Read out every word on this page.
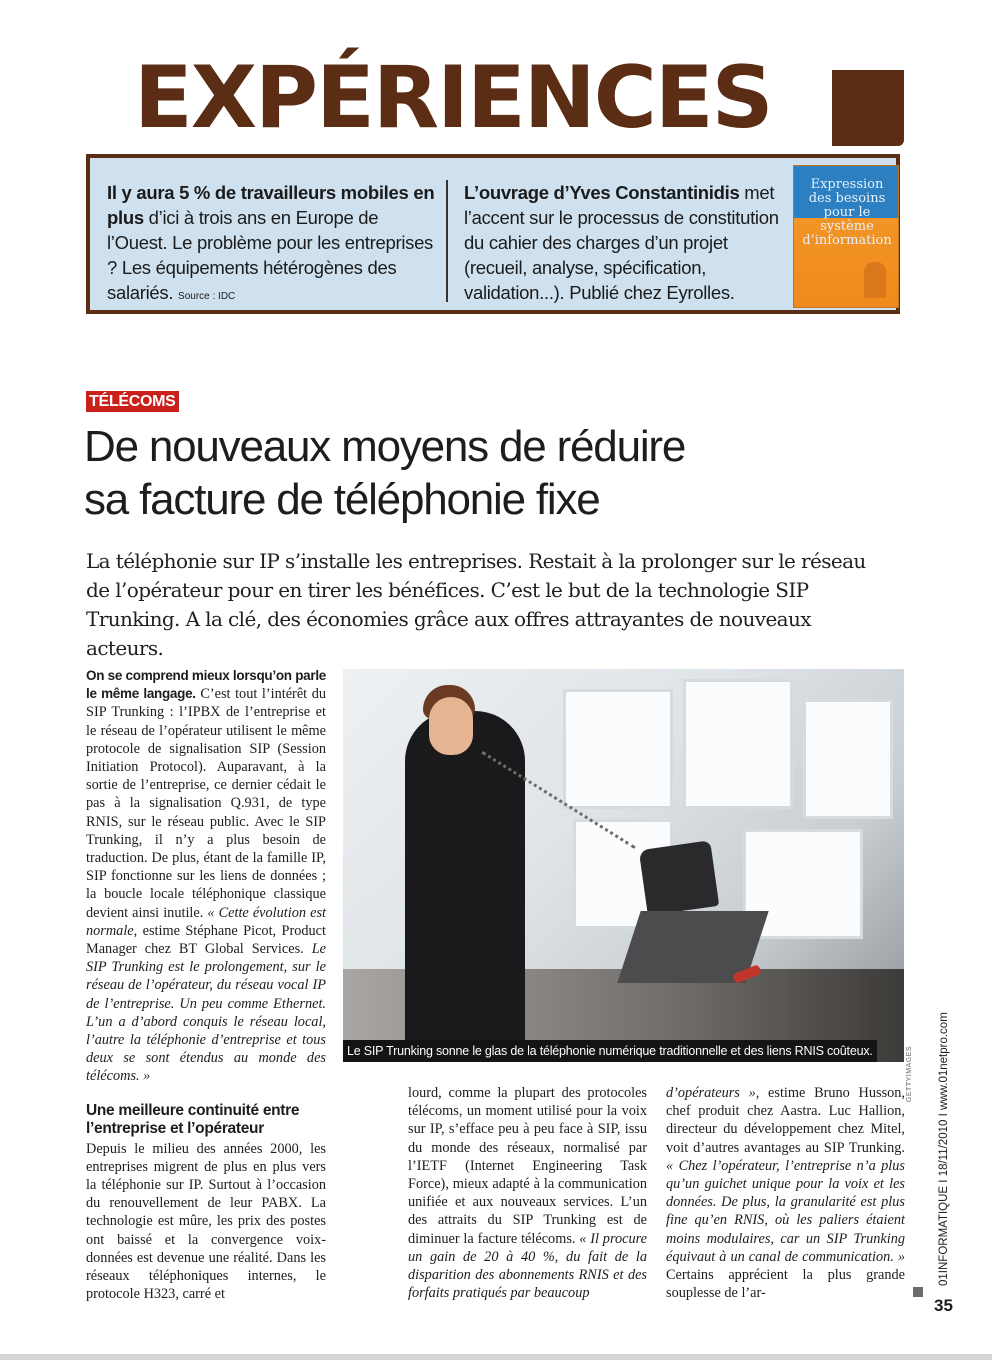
EXPÉRIENCES
Il y aura 5 % de travailleurs mobiles en plus d’ici à trois ans en Europe de l’Ouest. Le problème pour les entreprises ? Les équipements hétérogènes des salariés. Source : IDC
L’ouvrage d’Yves Constantinidis met l’accent sur le processus de constitution du cahier des charges d’un projet (recueil, analyse, spécification, validation...). Publié chez Eyrolles.
Expression des besoins pour le système d’information
TÉLÉCOMS
De nouveaux moyens de réduire
sa facture de téléphonie fixe
La téléphonie sur IP s’installe les entreprises. Restait à la prolonger sur le réseau de l’opérateur pour en tirer les bénéfices. C’est le but de la technologie SIP Trunking. A la clé, des économies grâce aux offres attrayantes de nouveaux acteurs.

On se comprend mieux lorsqu’on parle le même langage. C’est tout l’intérêt du SIP Trunking : l’IPBX de l’entreprise et le réseau de l’opérateur utilisent le même protocole de signalisation SIP (Session Initiation Protocol). Auparavant, à la sortie de l’entreprise, ce dernier cédait le pas à la signalisation Q.931, de type RNIS, sur le réseau public. Avec le SIP Trunking, il n’y a plus besoin de traduction. De plus, étant de la famille IP, SIP fonctionne sur les liens de données ; la boucle locale téléphonique classique devient ainsi inutile. « Cette évolution est normale, estime Stéphane Picot, Product Manager chez BT Global Services. Le SIP Trunking est le prolongement, sur le réseau de l’opérateur, du réseau vocal IP de l’entreprise. Un peu comme Ethernet. L’un a d’abord conquis le réseau local, l’autre la téléphonie d’entreprise et tous deux se sont étendus au monde des télécoms. »

Une meilleure continuité entre l’entreprise et l’opérateur

Depuis le milieu des années 2000, les entreprises migrent de plus en plus vers la téléphonie sur IP. Surtout à l’occasion du renouvellement de leur PABX. La technologie est mûre, les prix des postes ont baissé et la convergence voix-données est devenue une réalité. Dans les réseaux téléphoniques internes, le protocole H323, carré et

Le SIP Trunking sonne le glas de la téléphonie numérique traditionnelle et des liens RNIS coûteux.	GETTYIMAGES

lourd, comme la plupart des protocoles télécoms, un moment utilisé pour la voix sur IP, s’efface peu à peu face à SIP, issu du monde des réseaux, normalisé par l’IETF (Internet Engineering Task Force), mieux adapté à la communication unifiée et aux nouveaux services. L’un des attraits du SIP Trunking est de diminuer la facture télécoms. « Il procure un gain de 20 à 40 %, du fait de la disparition des abonnements RNIS et des forfaits pratiqués par beaucoup

d’opérateurs », estime Bruno Husson, chef produit chez Aastra. Luc Hallion, directeur du développement chez Mitel, voit d’autres avantages au SIP Trunking. « Chez l’opérateur, l’entreprise n’a plus qu’un guichet unique pour la voix et les données. De plus, la granularité est plus fine qu’en RNIS, où les paliers étaient moins modulaires, car un SIP Trunking équivaut à un canal de communication. » Certains apprécient la plus grande souplesse de l’ar-

01INFORMATIQUE I 18/11/2010 I www.01netpro.com
35
